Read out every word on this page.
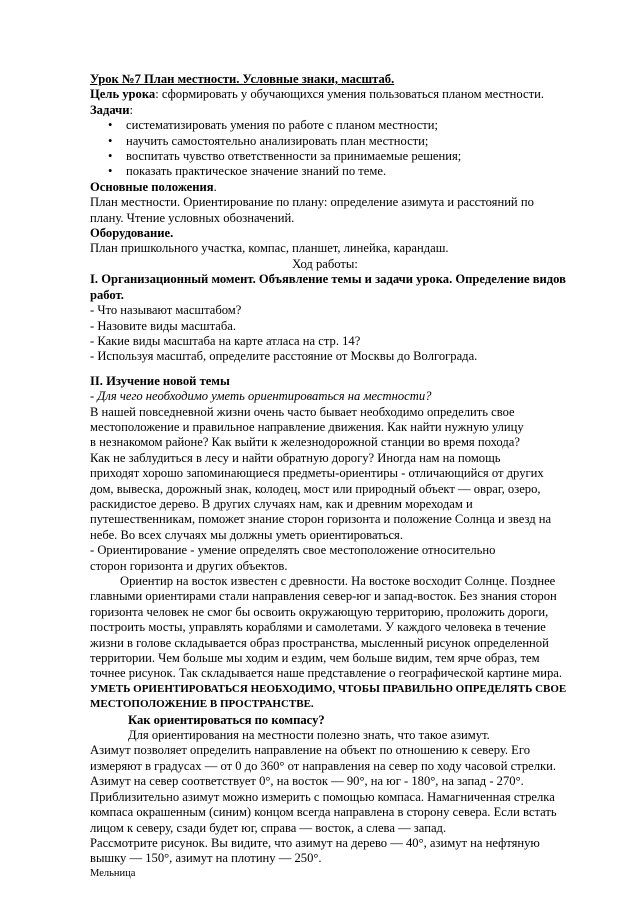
Урок №7 План местности. Условные знаки, масштаб.

Цель урока: сформировать у обучающихся умения пользоваться планом местности.

Задачи:

• систематизировать умения по работе с планом местности;
• научить самостоятельно анализировать план местности;
• воспитать чувство ответственности за принимаемые решения;
• показать практическое значение знаний по теме.

Основные положения.

План местности. Ориентирование по плану: определение азимута и расстояний по

плану. Чтение условных обозначений.

Оборудование.

План пришкольного участка, компас, планшет, линейка, карандаш.

Ход работы:

I. Организационный момент. Объявление темы и задачи урока. Определение видов

работ.

- Что называют масштабом?

- Назовите виды масштаба.

- Какие виды масштаба на карте атласа на стр. 14?

- Используя масштаб, определите расстояние от Москвы до Волгограда.

II. Изучение новой темы

- Для чего необходимо уметь ориентироваться на местности?

В нашей повседневной жизни очень часто бывает необходимо определить свое

местоположение и правильное направление движения. Как найти нужную улицу

в незнакомом районе? Как выйти к железнодорожной станции во время похода?

Как не заблудиться в лесу и найти обратную дорогу? Иногда нам на помощь

приходят хорошо запоминающиеся предметы-ориентиры - отличающийся от других

дом, вывеска, дорожный знак, колодец, мост или природный объект — овраг, озеро,

раскидистое дерево. В других случаях нам, как и древним мореходам и

путешественникам, поможет знание сторон горизонта и положение Солнца и звезд на

небе. Во всех случаях мы должны уметь ориентироваться.

- Ориентирование - умение определять свое местоположение относительно

сторон горизонта и других объектов.

Ориентир на восток известен с древности. На востоке восходит Солнце. Позднее

главными ориентирами стали направления север-юг и запад-восток. Без знания сторон

горизонта человек не смог бы освоить окружающую территорию, проложить дороги,

построить мосты, управлять кораблями и самолетами. У каждого человека в течение

жизни в голове складывается образ пространства, мысленный рисунок определенной

территории. Чем больше мы ходим и ездим, чем больше видим, тем ярче образ, тем

точнее рисунок. Так складывается наше представление о географической картине мира.

УМЕТЬ ОРИЕНТИРОВАТЬСЯ НЕОБХОДИМО, ЧТОБЫ ПРАВИЛЬНО ОПРЕДЕЛЯТЬ СВОЕ

МЕСТОПОЛОЖЕНИЕ В ПРОСТРАНСТВЕ.

Как ориентироваться по компасу?

Для ориентирования на местности полезно знать, что такое азимут.

Азимут позволяет определить направление на объект по отношению к северу. Его

измеряют в градусах — от 0 до 360° от направления на север по ходу часовой стрелки.

Азимут на север соответствует 0°, на восток — 90°, на юг - 180°, на запад - 270°.

Приблизительно азимут можно измерить с помощью компаса. Намагниченная стрелка

компаса окрашенным (синим) концом всегда направлена в сторону севера. Если встать

лицом к северу, сзади будет юг, справа — восток, а слева — запад.

Рассмотрите рисунок. Вы видите, что азимут на дерево — 40°, азимут на нефтяную

вышку — 150°, азимут на плотину — 250°.

Мельница
